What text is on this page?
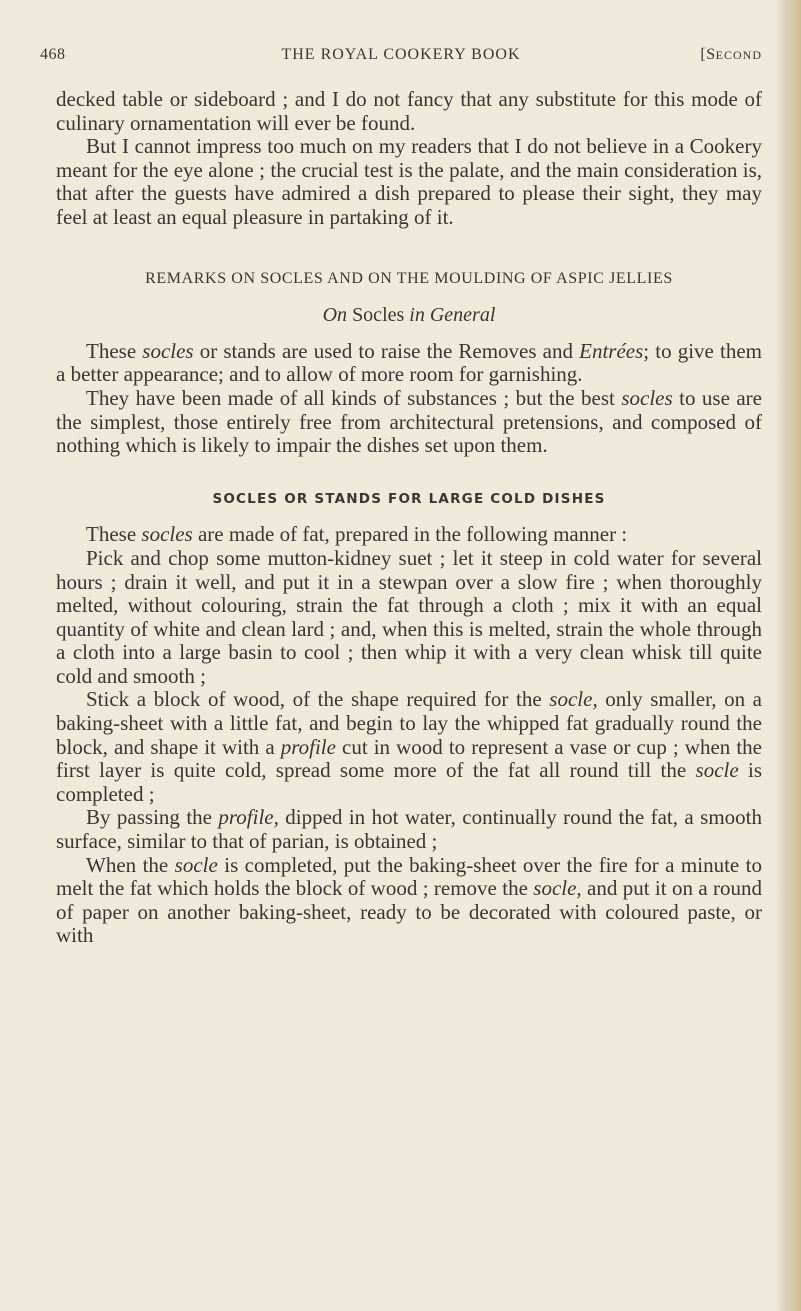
468	THE ROYAL COOKERY BOOK	[SECOND

decked table or sideboard ; and I do not fancy that any substitute for this mode of culinary ornamentation will ever be found.

But I cannot impress too much on my readers that I do not believe in a Cookery meant for the eye alone ; the crucial test is the palate, and the main consideration is, that after the guests have admired a dish prepared to please their sight, they may feel at least an equal pleasure in partaking of it.

REMARKS ON SOCLES AND ON THE MOULDING OF ASPIC JELLIES
On Socles in General

These socles or stands are used to raise the Removes and Entrées; to give them a better appearance; and to allow of more room for garnishing.

They have been made of all kinds of substances ; but the best socles to use are the simplest, those entirely free from architectural pretensions, and composed of nothing which is likely to impair the dishes set upon them.

SOCLES OR STANDS FOR LARGE COLD DISHES

These socles are made of fat, prepared in the following manner :

Pick and chop some mutton-kidney suet ; let it steep in cold water for several hours ; drain it well, and put it in a stewpan over a slow fire ; when thoroughly melted, without colouring, strain the fat through a cloth ; mix it with an equal quantity of white and clean lard ; and, when this is melted, strain the whole through a cloth into a large basin to cool ; then whip it with a very clean whisk till quite cold and smooth ;

Stick a block of wood, of the shape required for the socle, only smaller, on a baking-sheet with a little fat, and begin to lay the whipped fat gradually round the block, and shape it with a profile cut in wood to represent a vase or cup ; when the first layer is quite cold, spread some more of the fat all round till the socle is completed ;

By passing the profile, dipped in hot water, continually round the fat, a smooth surface, similar to that of parian, is obtained ;

When the socle is completed, put the baking-sheet over the fire for a minute to melt the fat which holds the block of wood ; remove the socle, and put it on a round of paper on another baking-sheet, ready to be decorated with coloured paste, or with
